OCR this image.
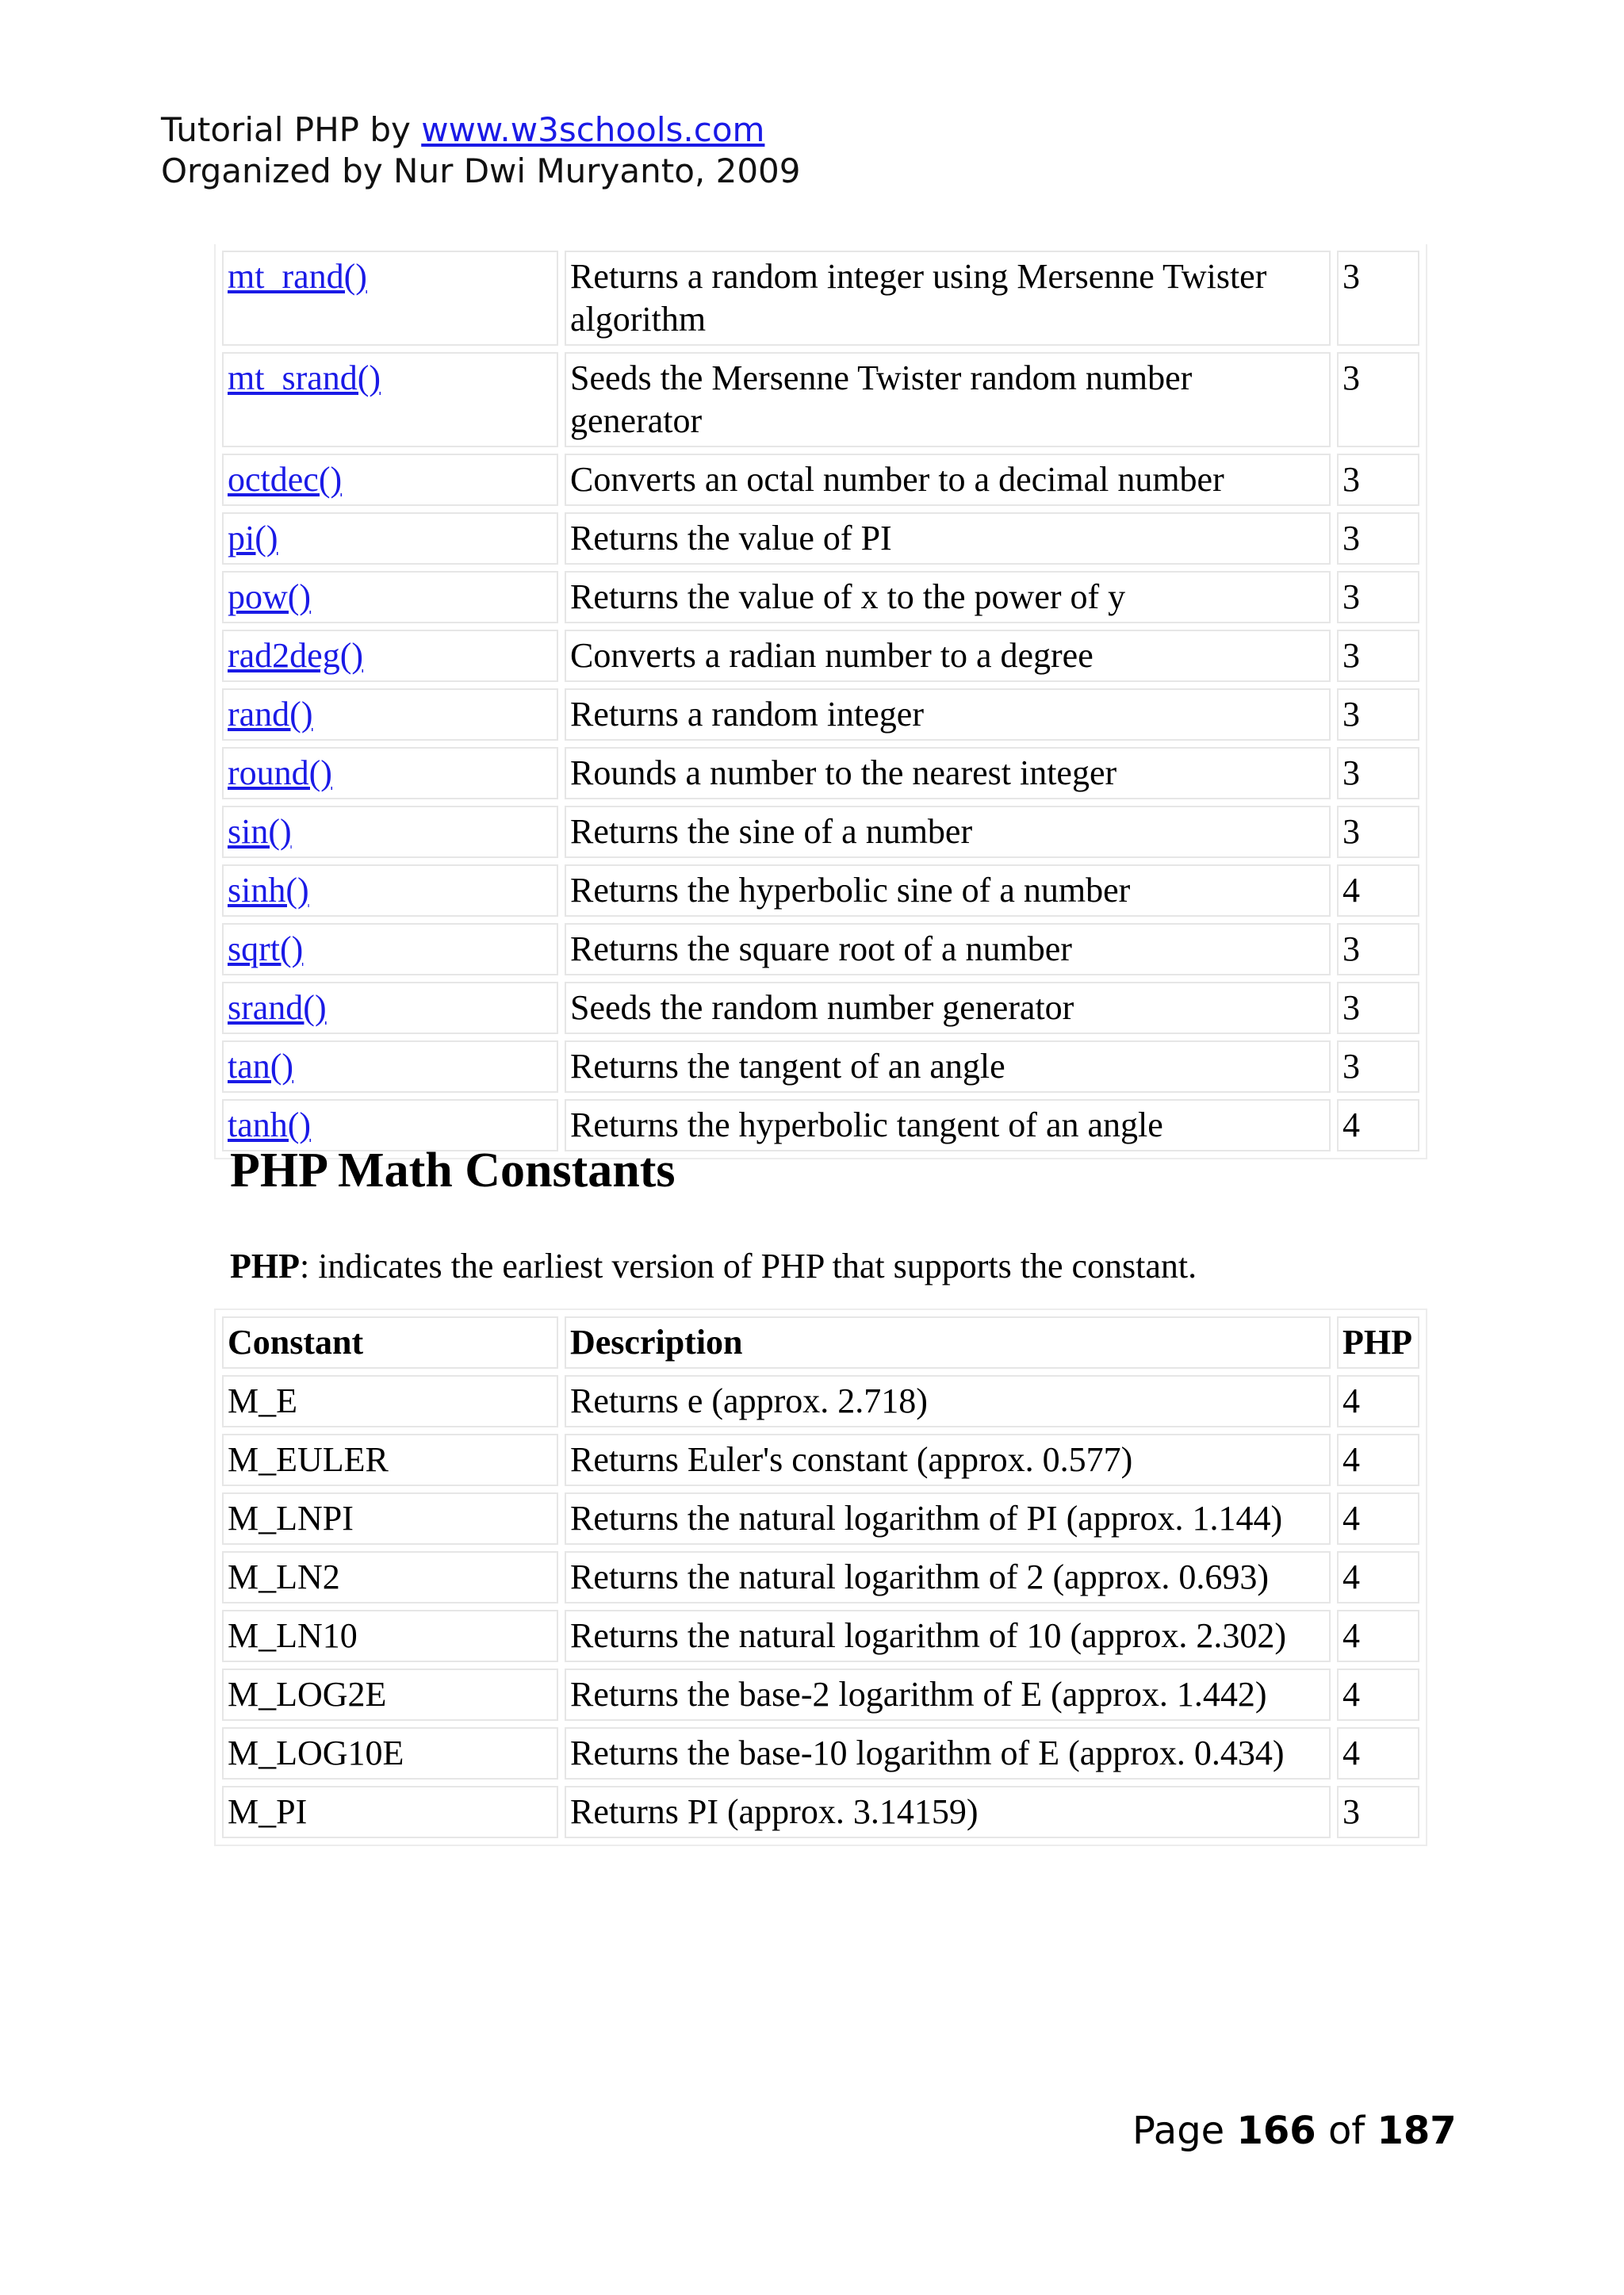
Tutorial PHP by www.w3schools.com
Organized by Nur Dwi Muryanto, 2009
mt_rand()	Returns a random integer using Mersenne Twister algorithm	3
mt_srand()	Seeds the Mersenne Twister random number generator	3
octdec()	Converts an octal number to a decimal number	3
pi()	Returns the value of PI	3
pow()	Returns the value of x to the power of y	3
rad2deg()	Converts a radian number to a degree	3
rand()	Returns a random integer	3
round()	Rounds a number to the nearest integer	3
sin()	Returns the sine of a number	3
sinh()	Returns the hyperbolic sine of a number	4
sqrt()	Returns the square root of a number	3
srand()	Seeds the random number generator	3
tan()	Returns the tangent of an angle	3
tanh()	Returns the hyperbolic tangent of an angle	4
PHP Math Constants
PHP: indicates the earliest version of PHP that supports the constant.
Constant	Description	PHP
M_E	Returns e (approx. 2.718)	4
M_EULER	Returns Euler's constant (approx. 0.577)	4
M_LNPI	Returns the natural logarithm of PI (approx. 1.144)	4
M_LN2	Returns the natural logarithm of 2 (approx. 0.693)	4
M_LN10	Returns the natural logarithm of 10 (approx. 2.302)	4
M_LOG2E	Returns the base-2 logarithm of E (approx. 1.442)	4
M_LOG10E	Returns the base-10 logarithm of E (approx. 0.434)	4
M_PI	Returns PI (approx. 3.14159)	3
Page 166 of 187
